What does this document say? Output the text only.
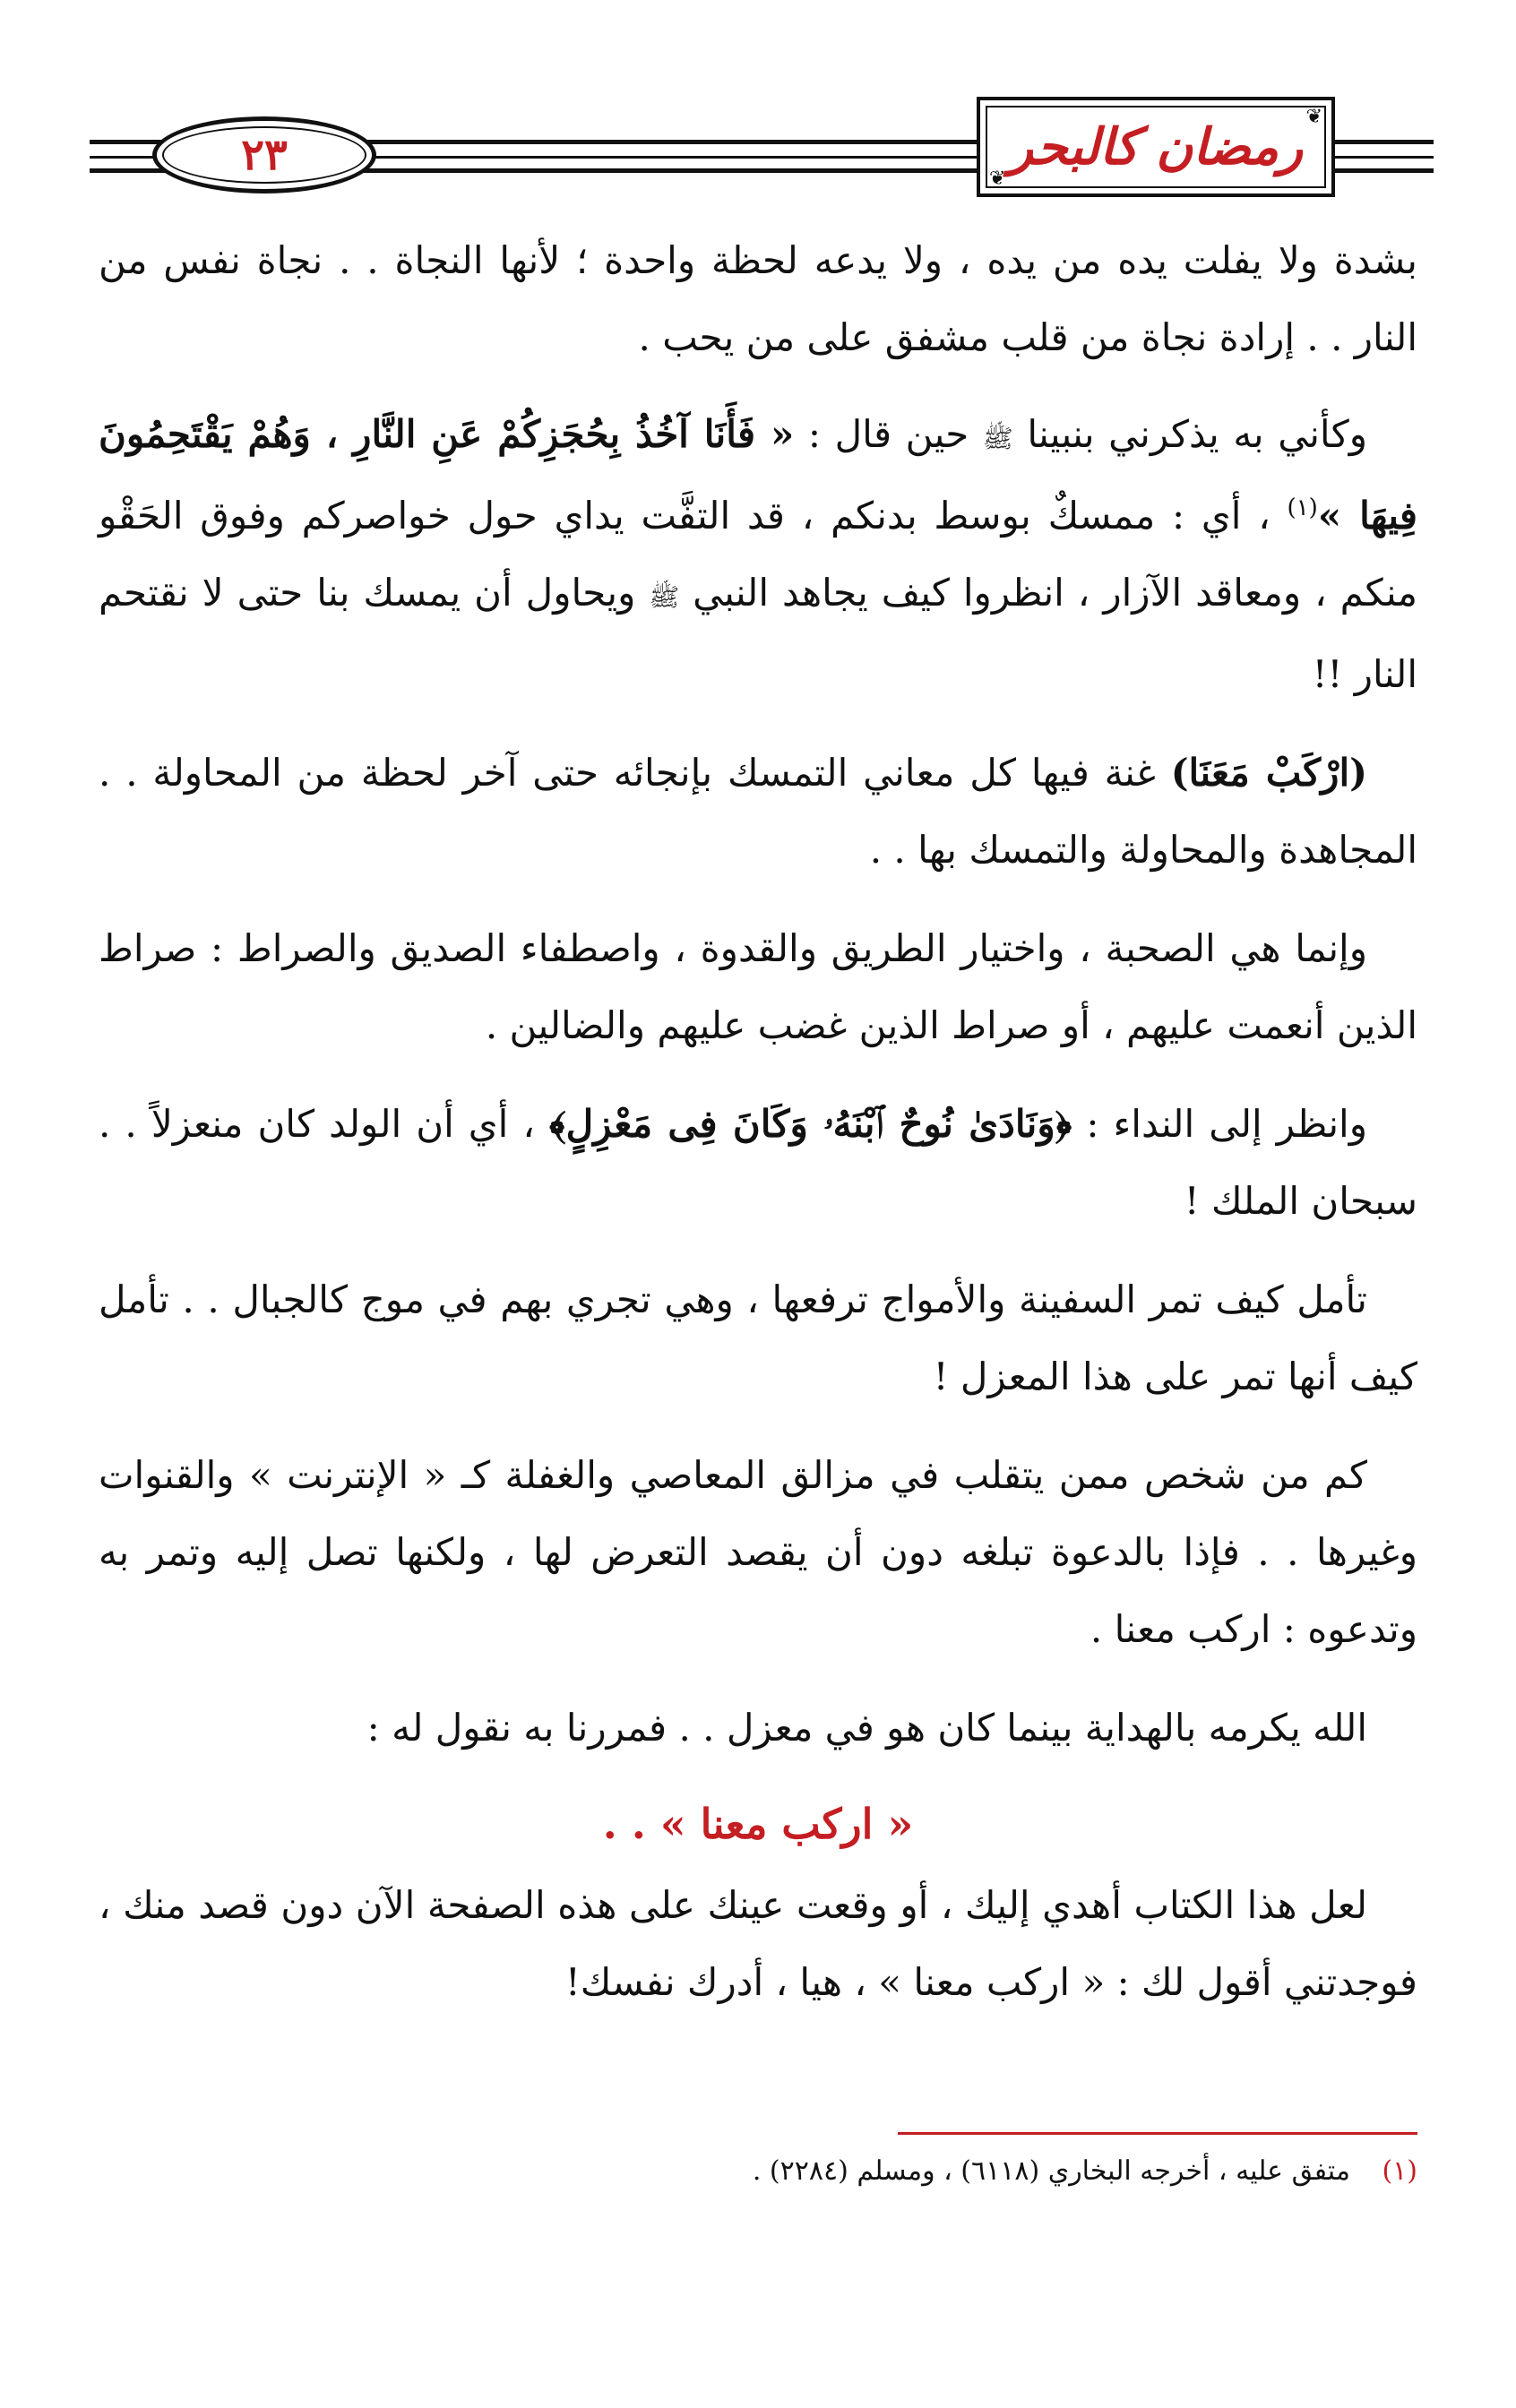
٢٣
❦
❦
رمضان كالبحر

بشدة ولا يفلت يده من يده ، ولا يدعه لحظة واحدة ؛ لأنها النجاة . . نجاة نفس من النار . . إرادة نجاة من قلب مشفق على من يحب .

وكأني به يذكرني بنبينا ﷺ حين قال : « فَأَنَا آخُذُ بِحُجَزِكُمْ عَنِ النَّارِ ، وَهُمْ يَقْتَحِمُونَ فِيهَا »$^{(١)}$ ، أي : ممسكٌ بوسط بدنكم ، قد التفَّت يداي حول خواصركم وفوق الحَقْو منكم ، ومعاقد الآزار ، انظروا كيف يجاهد النبي ﷺ ويحاول أن يمسك بنا حتى لا نقتحم النار !!

(ارْكَبْ مَعَنَا) غنة فيها كل معاني التمسك بإنجائه حتى آخر لحظة من المحاولة . . المجاهدة والمحاولة والتمسك بها . .

وإنما هي الصحبة ، واختيار الطريق والقدوة ، واصطفاء الصديق والصراط : صراط الذين أنعمت عليهم ، أو صراط الذين غضب عليهم والضالين .

وانظر إلى النداء : ﴿وَنَادَىٰ نُوحٌ ٱبْنَهُۥ وَكَانَ فِى مَعْزِلٍ﴾ ، أي أن الولد كان منعزلاً . . سبحان الملك !

تأمل كيف تمر السفينة والأمواج ترفعها ، وهي تجري بهم في موج كالجبال . . تأمل كيف أنها تمر على هذا المعزل !

كم من شخص ممن يتقلب في مزالق المعاصي والغفلة كـ « الإنترنت » والقنوات وغيرها . . فإذا بالدعوة تبلغه دون أن يقصد التعرض لها ، ولكنها تصل إليه وتمر به وتدعوه : اركب معنا .

الله يكرمه بالهداية بينما كان هو في معزل . . فمررنا به نقول له :

« اركب معنا » . .

لعل هذا الكتاب أهدي إليك ، أو وقعت عينك على هذه الصفحة الآن دون قصد منك ، فوجدتني أقول لك : « اركب معنا » ، هيا ، أدرك نفسك!

(١) متفق عليه ، أخرجه البخاري (٦١١٨) ، ومسلم (٢٢٨٤) .
